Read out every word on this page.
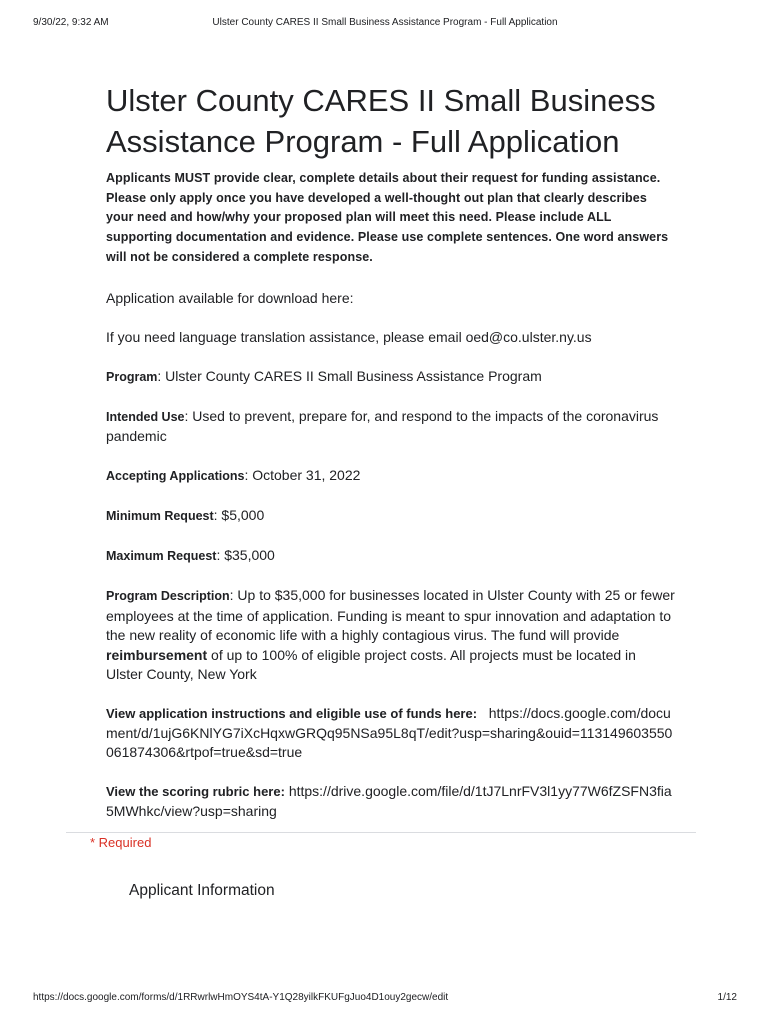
9/30/22, 9:32 AM	Ulster County CARES II Small Business Assistance Program - Full Application
Ulster County CARES II Small Business Assistance Program - Full Application

Applicants MUST provide clear, complete details about their request for funding assistance. Please only apply once you have developed a well-thought out plan that clearly describes your need and how/why your proposed plan will meet this need. Please include ALL supporting documentation and evidence. Please use complete sentences. One word answers will not be considered a complete response.

Application available for download here:

If you need language translation assistance, please email oed@co.ulster.ny.us

Program: Ulster County CARES II Small Business Assistance Program

Intended Use: Used to prevent, prepare for, and respond to the impacts of the coronavirus pandemic

Accepting Applications: October 31, 2022

Minimum Request: $5,000

Maximum Request: $35,000

Program Description: Up to $35,000 for businesses located in Ulster County with 25 or fewer employees at the time of application. Funding is meant to spur innovation and adaptation to the new reality of economic life with a highly contagious virus. The fund will provide reimbursement of up to 100% of eligible project costs. All projects must be located in Ulster County, New York

View application instructions and eligible use of funds here: https://docs.google.com/document/d/1ujG6KNlYG7iXcHqxwGRQq95NSa95L8qT/edit?usp=sharing&ouid=113149603550061874306&rtpof=true&sd=true

View the scoring rubric here: https://drive.google.com/file/d/1tJ7LnrFV3l1yy77W6fZSFN3fia5MWhkc/view?usp=sharing

* Required
Applicant Information
https://docs.google.com/forms/d/1RRwrlwHmOYS4tA-Y1Q28yilkFKUFgJuo4D1ouy2gecw/edit	1/12
